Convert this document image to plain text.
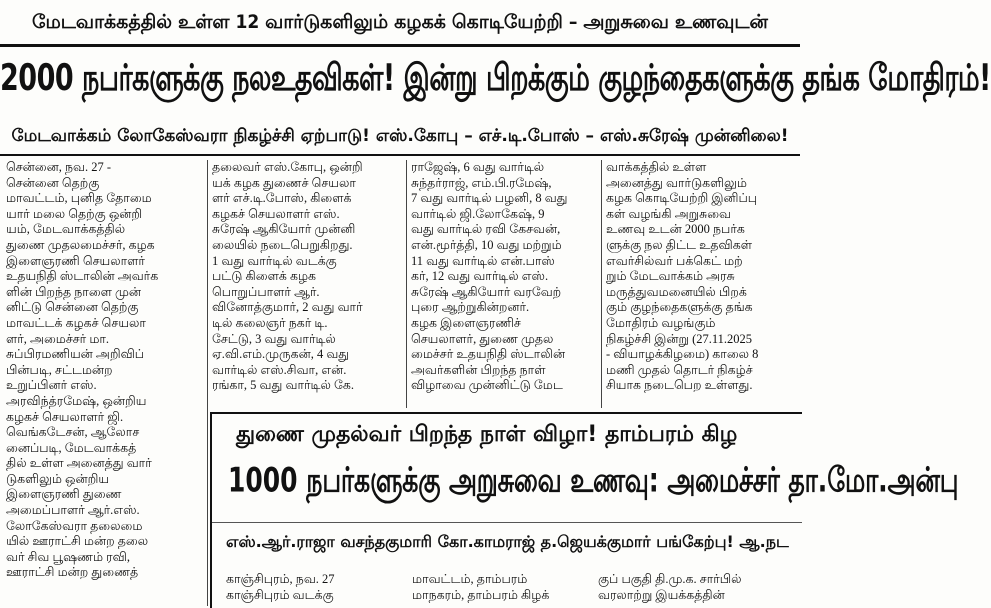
மேடவாக்கத்தில் உள்ள 12 வார்டுகளிலும் கழகக் கொடியேற்றி – அறுசுவை உணவுடன்
2000 நபர்களுக்கு நலஉதவிகள்! இன்று பிறக்கும் குழந்தைகளுக்கு தங்க மோதிரம்!
மேடவாக்கம் லோகேஸ்வரா நிகழ்ச்சி ஏற்பாடு! எஸ்.கோபு – எச்.டி.போஸ் – எஸ்.சுரேஷ் முன்னிலை!
சென்னை, நவ. 27 -
சென்னை தெற்கு
மாவட்டம், புனித தோமை
யார் மலை தெற்கு ஒன்றி
யம், மேடவாக்கத்தில்
துணை முதலமைச்சர், கழக
இளைஞரணி செயலாளர்
உதயநிதி ஸ்டாலின் அவர்க
ளின் பிறந்த நாளை முன்
னிட்டு சென்னை தெற்கு
மாவட்டக் கழகச் செயலா
ளர், அமைச்சர் மா.
சுப்பிரமணியன் அறிவிப்
பின்படி, சட்டமன்ற
உறுப்பினர் எஸ்.
அரவிந்த்ரமேஷ், ஒன்றிய
கழகச் செயலாளர் ஜி.
வெங்கடேசன், ஆலோச
னைப்படி, மேடவாக்கத்
தில் உள்ள அனைத்து வார்
டுகளிலும் ஒன்றிய
இளைஞரணி துணை
அமைப்பாளர் ஆர்.எஸ்.
லோகேஸ்வரா தலைமை
யில் ஊராட்சி மன்ற தலை
வர் சிவ பூஷணம் ரவி,
ஊராட்சி மன்ற துணைத்
தலைவர் எஸ்.கோபு, ஒன்றி
யக் கழக துணைச் செயலா
ளர் எச்.டி.போஸ், கிளைக்
கழகச் செயலாளர் எஸ்.
சுரேஷ் ஆகியோர் முன்னி
லையில் நடைபெறுகிறது.
1 வது வார்டில் வடக்கு
பட்டு கிளைக் கழக
பொறுப்பாளர் ஆர்.
வினோத்குமார், 2 வது வார்
டில் கலைஞர் நகர் டி.
சேட்டு, 3 வது வார்டில்
ஏ.வி.எம்.முருகன், 4 வது
வார்டில் எஸ்.சிவா, என்.
ரங்கா, 5 வது வார்டில் கே.
ராஜேஷ், 6 வது வார்டில்
சுந்தர்ராஜ், எம்.பி.ரமேஷ்,
7 வது வார்டில் பழனி, 8 வது
வார்டில் ஜி.லோகேஷ், 9
வது வார்டில் ரவி கேசவன்,
என்.மூர்த்தி, 10 வது மற்றும்
11 வது வார்டில் என்.பாஸ்
கர், 12 வது வார்டில் எஸ்.
சுரேஷ் ஆகியோர் வரவேற்
புரை ஆற்றுகின்றனர்.
கழக இளைஞரணிச்
செயலாளர், துணை முதல
மைச்சர் உதயநிதி ஸ்டாலின்
அவர்களின் பிறந்த நாள்
விழாவை முன்னிட்டு மேட
வாக்கத்தில் உள்ள
அனைத்து வார்டுகளிலும்
கழக கொடியேற்றி இனிப்பு
கள் வழங்கி அறுசுவை
உணவு உடன் 2000 நபர்க
ளுக்கு நல திட்ட உதவிகள்
எவர்சில்வர் பக்கெட் மற்
றும் மேடவாக்கம் அரசு
மருத்துவமனையில் பிறக்
கும் குழந்தைகளுக்கு தங்க
மோதிரம் வழங்கும்
நிகழ்ச்சி இன்று (27.11.2025
- வியாழக்கிழமை) காலை 8
மணி முதல் தொடர் நிகழ்ச்
சியாக நடைபெற உள்ளது.
துணை முதல்வர் பிறந்த நாள் விழா! தாம்பரம் கிழ
1000 நபர்களுக்கு அறுசுவை உணவு: அமைச்சர் தா.மோ.அன்பு
எஸ்.ஆர்.ராஜா வசந்தகுமாரி கோ.காமராஜ் த.ஜெயக்குமார் பங்கேற்பு! ஆ.நட
காஞ்சிபுரம், நவ. 27
காஞ்சிபுரம் வடக்கு
மாவட்டம், தாம்பரம்
மாநகரம், தாம்பரம் கிழக்
குப் பகுதி தி.மு.க. சார்பில்
வரலாற்று இயக்கத்தின்
